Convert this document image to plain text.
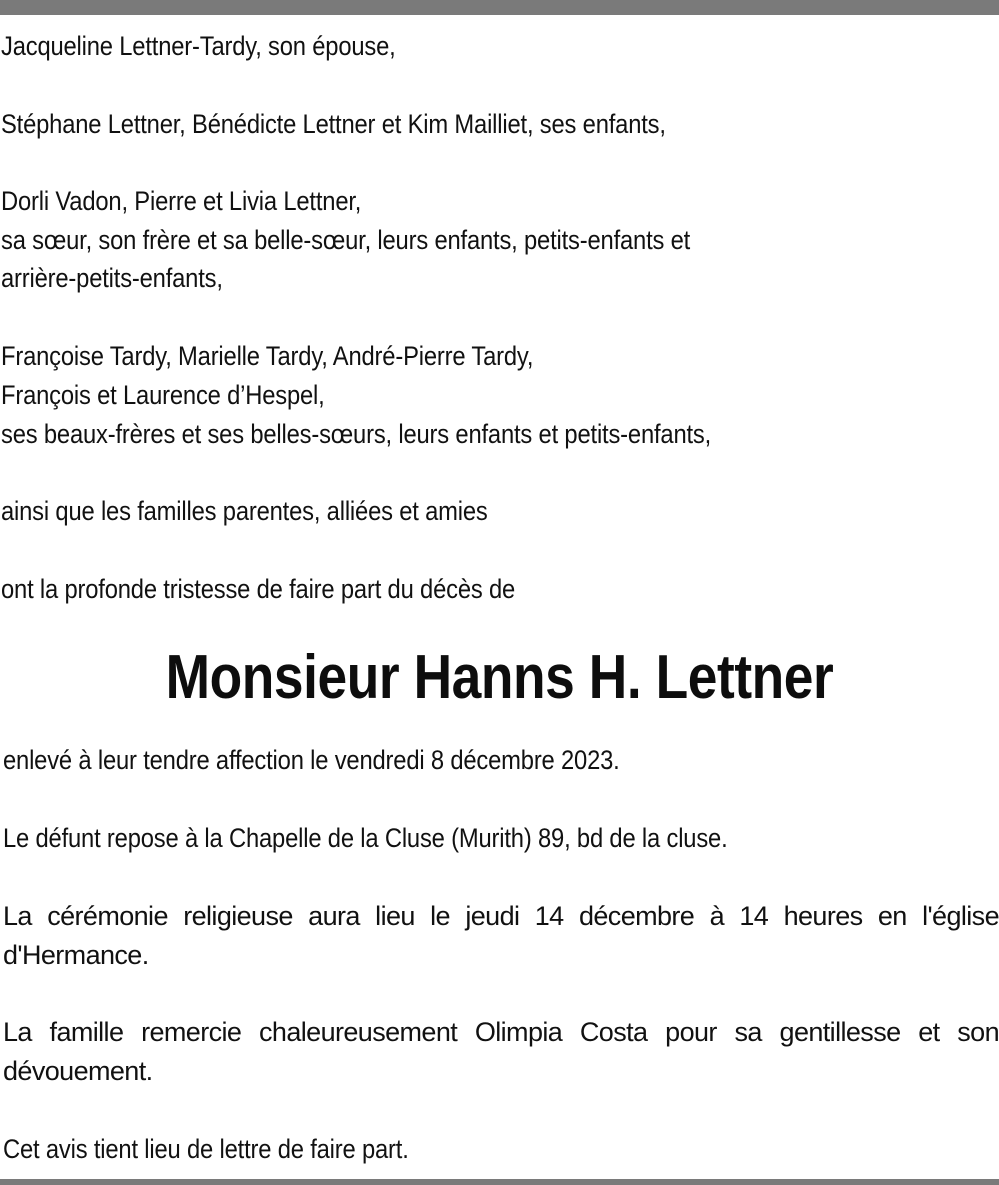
Jacqueline Lettner-Tardy, son épouse,
Stéphane Lettner, Bénédicte Lettner et Kim Mailliet, ses enfants,
Dorli Vadon, Pierre et Livia Lettner,
sa sœur, son frère et sa belle-sœur, leurs enfants, petits-enfants et
arrière-petits-enfants,
Françoise Tardy, Marielle Tardy, André-Pierre Tardy,
François et Laurence d’Hespel,
ses beaux-frères et ses belles-sœurs, leurs enfants et petits-enfants,
ainsi que les familles parentes, alliées et amies
ont la profonde tristesse de faire part du décès de
Monsieur Hanns H. Lettner
enlevé à leur tendre affection le vendredi 8 décembre 2023.
Le défunt repose à la Chapelle de la Cluse (Murith) 89, bd de la cluse.
La cérémonie religieuse aura lieu le jeudi 14 décembre à 14 heures en l'église d'Hermance.
La famille remercie chaleureusement Olimpia Costa pour sa gentillesse et son dévouement.
Cet avis tient lieu de lettre de faire part.
